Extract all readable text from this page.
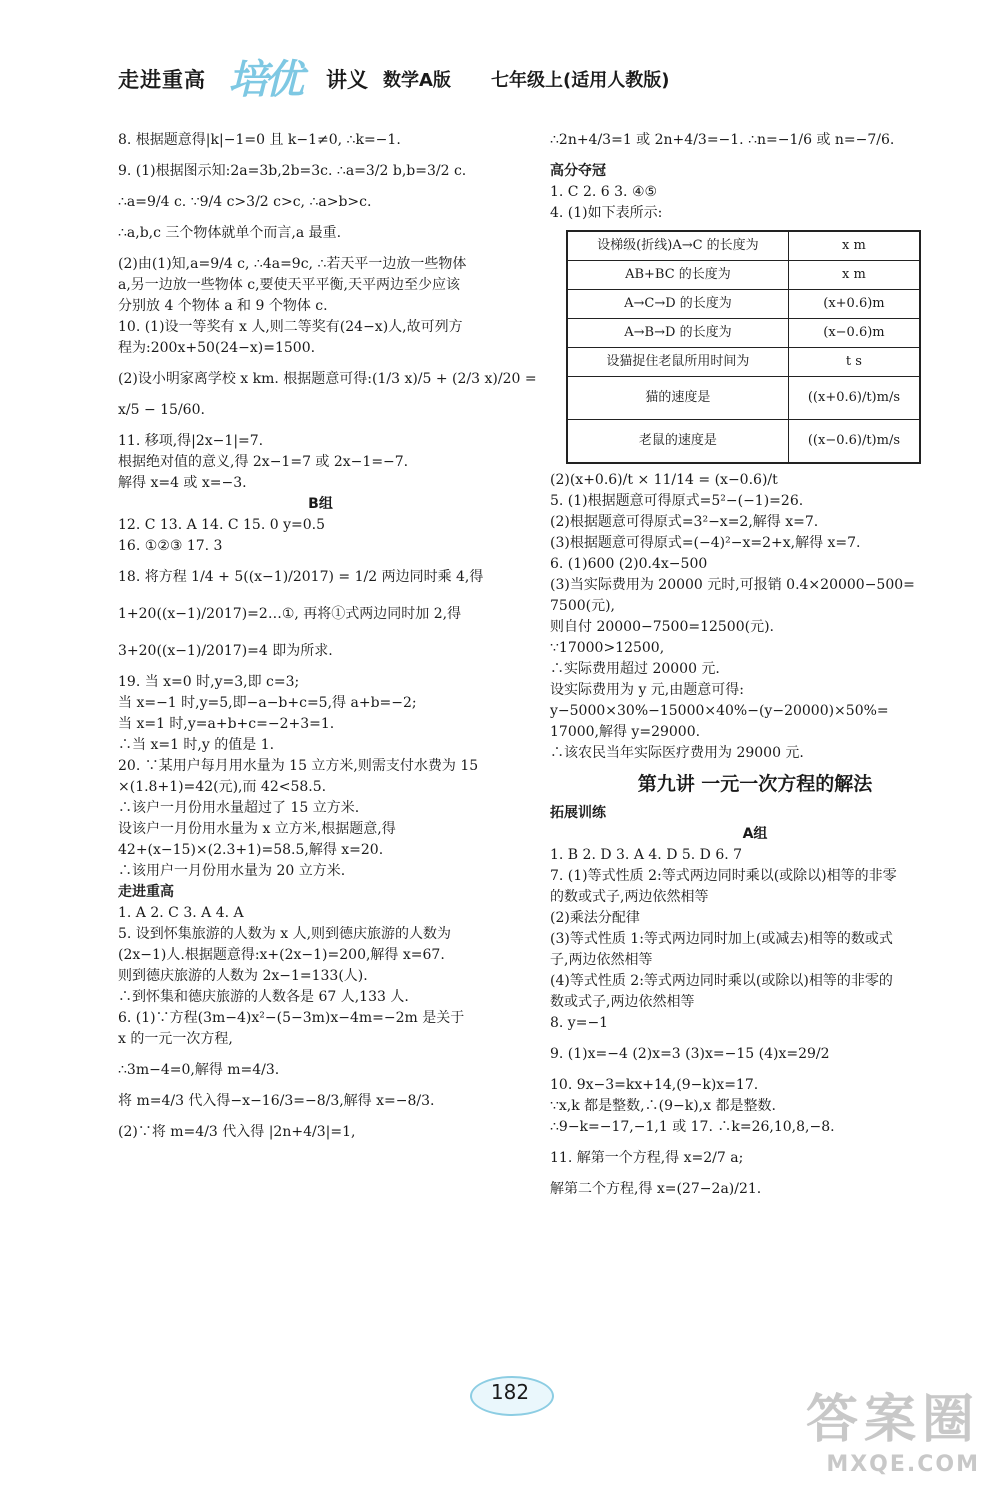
走进重高 培优 讲义 数学A版 七年级上(适用人教版)

8. 根据题意得|k|−1=0 且 k−1≠0, ∴k=−1.

9. (1)根据图示知:2a=3b,2b=3c. ∴a=3/2 b,b=3/2 c.

∴a=9/4 c. ∵9/4 c>3/2 c>c, ∴a>b>c.

∴a,b,c 三个物体就单个而言,a 最重.

(2)由(1)知,a=9/4 c, ∴4a=9c, ∴若天平一边放一些物体

a,另一边放一些物体 c,要使天平平衡,天平两边至少应该

分别放 4 个物体 a 和 9 个物体 c.

10. (1)设一等奖有 x 人,则二等奖有(24−x)人,故可列方

程为:200x+50(24−x)=1500.

(2)设小明家离学校 x km. 根据题意可得:(1/3 x)/5 + (2/3 x)/20 =

x/5 − 15/60.

11. 移项,得|2x−1|=7.

根据绝对值的意义,得 2x−1=7 或 2x−1=−7.

解得 x=4 或 x=−3.

B组

12. C 13. A 14. C 15. 0 y=0.5

16. ①②③ 17. 3

18. 将方程 1/4 + 5((x−1)/2017) = 1/2 两边同时乘 4,得

1+20((x−1)/2017)=2…①, 再将①式两边同时加 2,得

3+20((x−1)/2017)=4 即为所求.

19. 当 x=0 时,y=3,即 c=3;

当 x=−1 时,y=5,即−a−b+c=5,得 a+b=−2;

当 x=1 时,y=a+b+c=−2+3=1.

∴当 x=1 时,y 的值是 1.

20. ∵某用户每月用水量为 15 立方米,则需支付水费为 15

×(1.8+1)=42(元),而 42<58.5.

∴该户一月份用水量超过了 15 立方米.

设该户一月份用水量为 x 立方米,根据题意,得

42+(x−15)×(2.3+1)=58.5,解得 x=20.

∴该用户一月份用水量为 20 立方米.

走进重高

1. A 2. C 3. A 4. A

5. 设到怀集旅游的人数为 x 人,则到德庆旅游的人数为

(2x−1)人.根据题意得:x+(2x−1)=200,解得 x=67.

则到德庆旅游的人数为 2x−1=133(人).

∴到怀集和德庆旅游的人数各是 67 人,133 人.

6. (1)∵方程(3m−4)x²−(5−3m)x−4m=−2m 是关于

x 的一元一次方程,

∴3m−4=0,解得 m=4/3.

将 m=4/3 代入得−x−16/3=−8/3,解得 x=−8/3.

(2)∵将 m=4/3 代入得 |2n+4/3|=1,

∴2n+4/3=1 或 2n+4/3=−1. ∴n=−1/6 或 n=−7/6.

高分夺冠

1. C 2. 6 3. ④⑤

4. (1)如下表所示:

设梯级(折线)A→C 的长度为	x m
AB+BC 的长度为	x m
A→C→D 的长度为	(x+0.6)m
A→B→D 的长度为	(x−0.6)m
设猫捉住老鼠所用时间为	t s
猫的速度是	((x+0.6)/t)m/s
老鼠的速度是	((x−0.6)/t)m/s

(2)(x+0.6)/t × 11/14 = (x−0.6)/t

5. (1)根据题意可得原式=5²−(−1)=26.

(2)根据题意可得原式=3²−x=2,解得 x=7.

(3)根据题意可得原式=(−4)²−x=2+x,解得 x=7.

6. (1)600 (2)0.4x−500

(3)当实际费用为 20000 元时,可报销 0.4×20000−500=

7500(元),

则自付 20000−7500=12500(元).

∵17000>12500,

∴实际费用超过 20000 元.

设实际费用为 y 元,由题意可得:

y−5000×30%−15000×40%−(y−20000)×50%=

17000,解得 y=29000.

∴该农民当年实际医疗费用为 29000 元.

第九讲 一元一次方程的解法

拓展训练

A组

1. B 2. D 3. A 4. D 5. D 6. 7

7. (1)等式性质 2:等式两边同时乘以(或除以)相等的非零

的数或式子,两边依然相等

(2)乘法分配律

(3)等式性质 1:等式两边同时加上(或减去)相等的数或式

子,两边依然相等

(4)等式性质 2:等式两边同时乘以(或除以)相等的非零的

数或式子,两边依然相等

8. y=−1

9. (1)x=−4 (2)x=3 (3)x=−15 (4)x=29/2

10. 9x−3=kx+14,(9−k)x=17.

∵x,k 都是整数,∴(9−k),x 都是整数.

∴9−k=−17,−1,1 或 17. ∴k=26,10,8,−8.

11. 解第一个方程,得 x=2/7 a;

解第二个方程,得 x=(27−2a)/21.

182	答案圈
MXQE.COM
